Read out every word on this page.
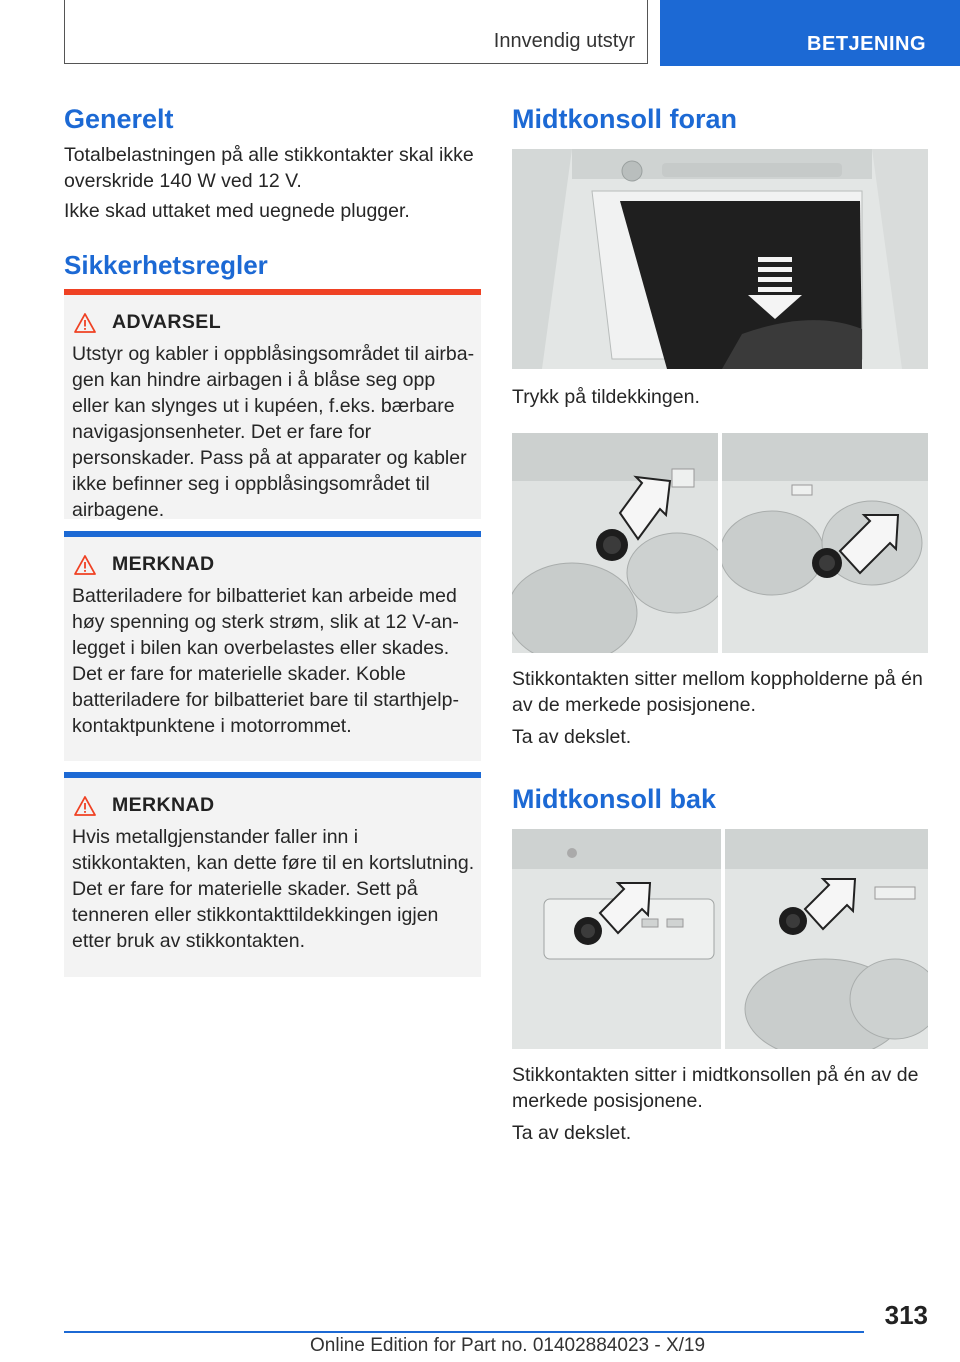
Innvendig utstyr	BETJENING
Generelt

Totalbelastningen på alle stikkontakter skal ikke overskride 140 W ved 12 V.

Ikke skad uttaket med uegnede plugger.

Sikkerhetsregler
ADVARSEL

Utstyr og kabler i oppblåsingsområdet til airbagen kan hindre airbagen i å blåse seg opp eller kan slynges ut i kupéen, f.eks. bærbare navigasjonsenheter. Det er fare for personskader. Pass på at apparater og kabler ikke befinner seg i oppblåsingsområdet til airbagene.

MERKNAD

Batteriladere for bilbatteriet kan arbeide med høy spenning og sterk strøm, slik at 12 V-anlegget i bilen kan overbelastes eller skades. Det er fare for materielle skader. Koble batteriladere for bilbatteriet bare til starthjelp-kontaktpunktene i motorrommet.

MERKNAD

Hvis metallgjenstander faller inn i stikkontakten, kan dette føre til en kortslutning. Det er fare for materielle skader. Sett på tenneren eller stikkontakttildekkingen igjen etter bruk av stikkontakten.

Midtkonsoll foran

Trykk på tildekkingen.

Stikkontakten sitter mellom koppholderne på én av de merkede posisjonene.

Ta av dekslet.

Midtkonsoll bak

Stikkontakten sitter i midtkonsollen på én av de merkede posisjonene.

Ta av dekslet.

313
Online Edition for Part no. 01402884023 - X/19
